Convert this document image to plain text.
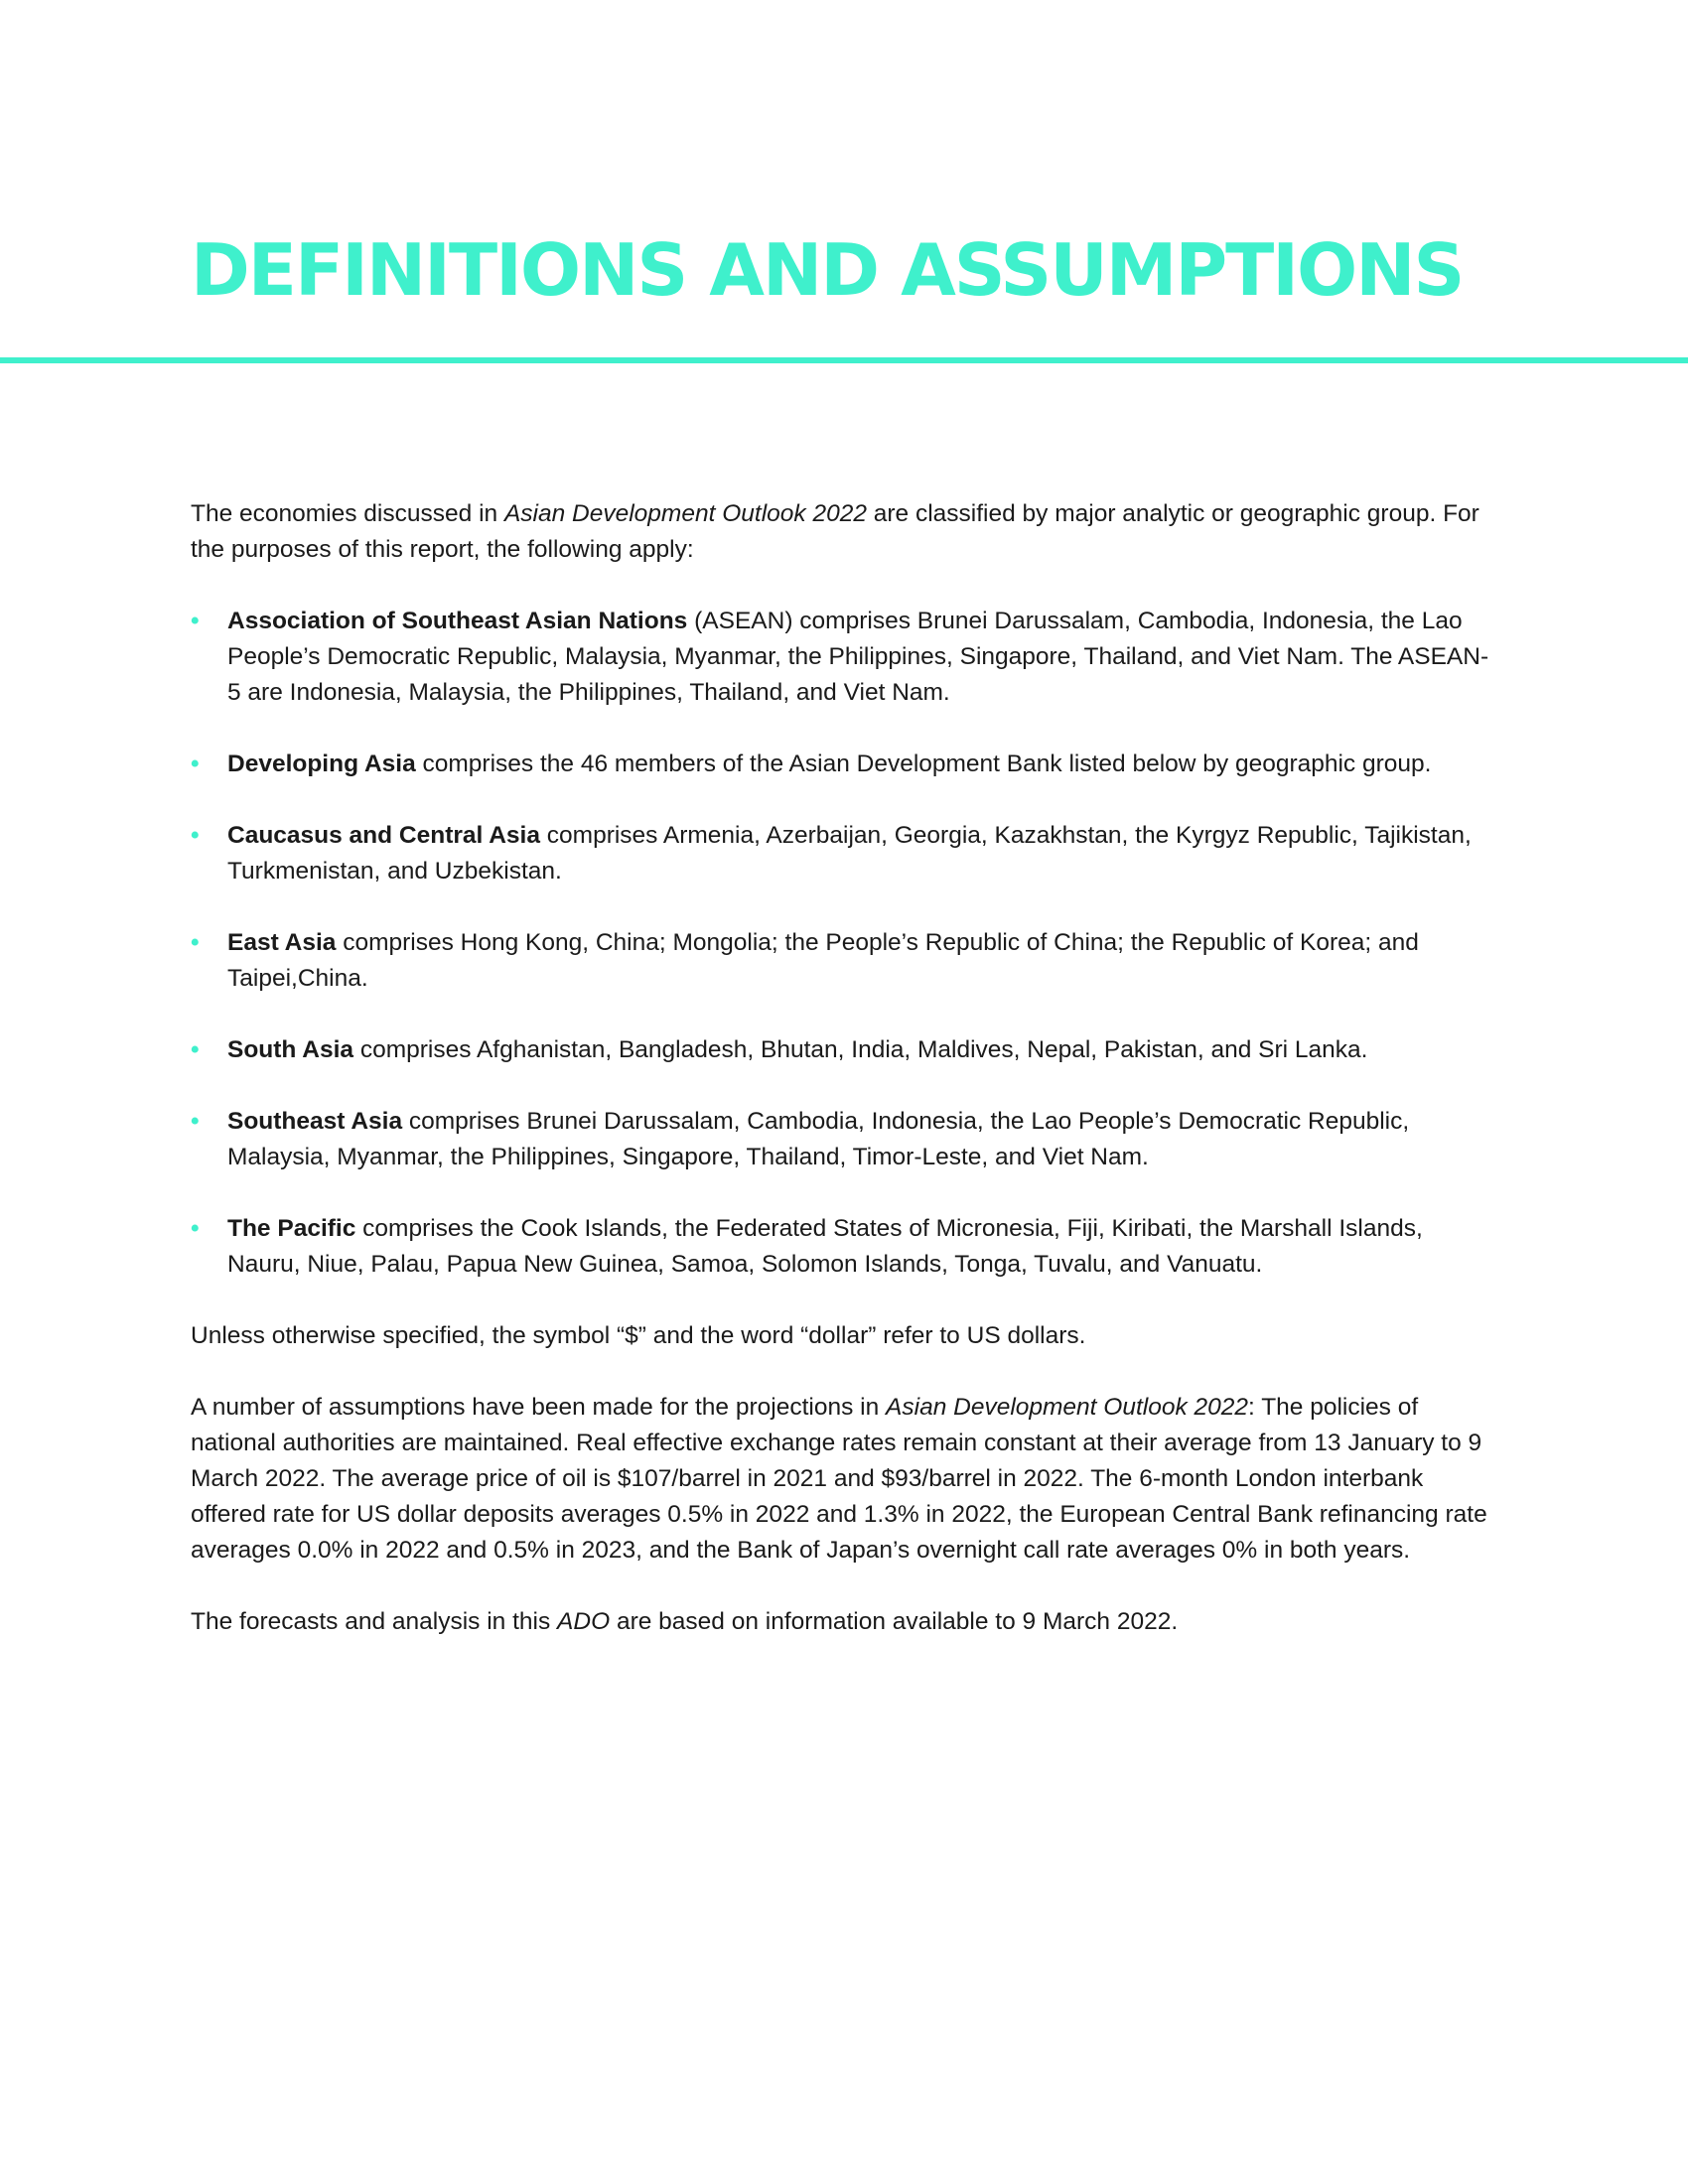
DEFINITIONS AND ASSUMPTIONS

The economies discussed in Asian Development Outlook 2022 are classified by major analytic or geographic group. For the purposes of this report, the following apply:

• Association of Southeast Asian Nations (ASEAN) comprises Brunei Darussalam, Cambodia, Indonesia, the Lao People’s Democratic Republic, Malaysia, Myanmar, the Philippines, Singapore, Thailand, and Viet Nam. The ASEAN-5 are Indonesia, Malaysia, the Philippines, Thailand, and Viet Nam.
• Developing Asia comprises the 46 members of the Asian Development Bank listed below by geographic group.
• Caucasus and Central Asia comprises Armenia, Azerbaijan, Georgia, Kazakhstan, the Kyrgyz Republic, Tajikistan, Turkmenistan, and Uzbekistan.
• East Asia comprises Hong Kong, China; Mongolia; the People’s Republic of China; the Republic of Korea; and Taipei,China.
• South Asia comprises Afghanistan, Bangladesh, Bhutan, India, Maldives, Nepal, Pakistan, and Sri Lanka.
• Southeast Asia comprises Brunei Darussalam, Cambodia, Indonesia, the Lao People’s Democratic Republic, Malaysia, Myanmar, the Philippines, Singapore, Thailand, Timor-Leste, and Viet Nam.
• The Pacific comprises the Cook Islands, the Federated States of Micronesia, Fiji, Kiribati, the Marshall Islands, Nauru, Niue, Palau, Papua New Guinea, Samoa, Solomon Islands, Tonga, Tuvalu, and Vanuatu.

Unless otherwise specified, the symbol “$” and the word “dollar” refer to US dollars.

A number of assumptions have been made for the projections in Asian Development Outlook 2022: The policies of national authorities are maintained. Real effective exchange rates remain constant at their average from 13 January to 9 March 2022. The average price of oil is $107/barrel in 2021 and $93/barrel in 2022. The 6-month London interbank offered rate for US dollar deposits averages 0.5% in 2022 and 1.3% in 2022, the European Central Bank refinancing rate averages 0.0% in 2022 and 0.5% in 2023, and the Bank of Japan’s overnight call rate averages 0% in both years.

The forecasts and analysis in this ADO are based on information available to 9 March 2022.
